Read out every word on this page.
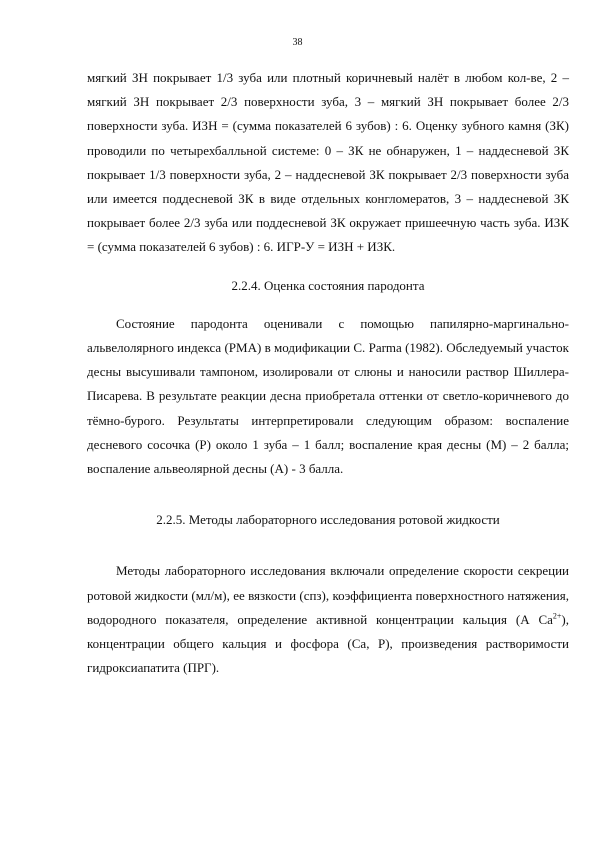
38

мягкий ЗН покрывает 1/3 зуба или плотный коричневый налёт в любом кол-ве, 2 – мягкий ЗН покрывает 2/3 поверхности зуба, 3 – мягкий ЗН покрывает более 2/3 поверхности зуба. ИЗН = (сумма показателей 6 зубов) : 6. Оценку зубного камня (ЗК) проводили по четырехбалльной системе: 0 – ЗК не обнаружен, 1 – наддесневой ЗК покрывает 1/3 поверхности зуба, 2 – наддесневой ЗК покрывает 2/3 поверхности зуба или имеется поддесневой ЗК в виде отдельных конгломератов, 3 – наддесневой ЗК покрывает более 2/3 зуба или поддесневой ЗК окружает пришеечную часть зуба. ИЗК = (сумма показателей 6 зубов) : 6. ИГР-У = ИЗН + ИЗК.

2.2.4. Оценка состояния пародонта

Состояние пародонта оценивали с помощью папилярно-маргинально-альвелолярного индекса (РМА) в модификации C. Parma (1982). Обследуемый участок десны высушивали тампоном, изолировали от слюны и наносили раствор Шиллера-Писарева. В результате реакции десна приобретала оттенки от светло-коричневого до тёмно-бурого. Результаты интерпретировали следующим образом: воспаление десневого сосочка (Р) около 1 зуба – 1 балл; воспаление края десны (М) – 2 балла; воспаление альвеолярной десны (А) - 3 балла.

2.2.5. Методы лабораторного исследования ротовой жидкости

Методы лабораторного исследования включали определение скорости секреции ротовой жидкости (мл/м), ее вязкости (спз), коэффициента поверхностного натяжения, водородного показателя, определение активной концентрации кальция (А $Ca^{2+}$), концентрации общего кальция и фосфора (Са, Р), произведения растворимости гидроксиапатита (ПРГ).
